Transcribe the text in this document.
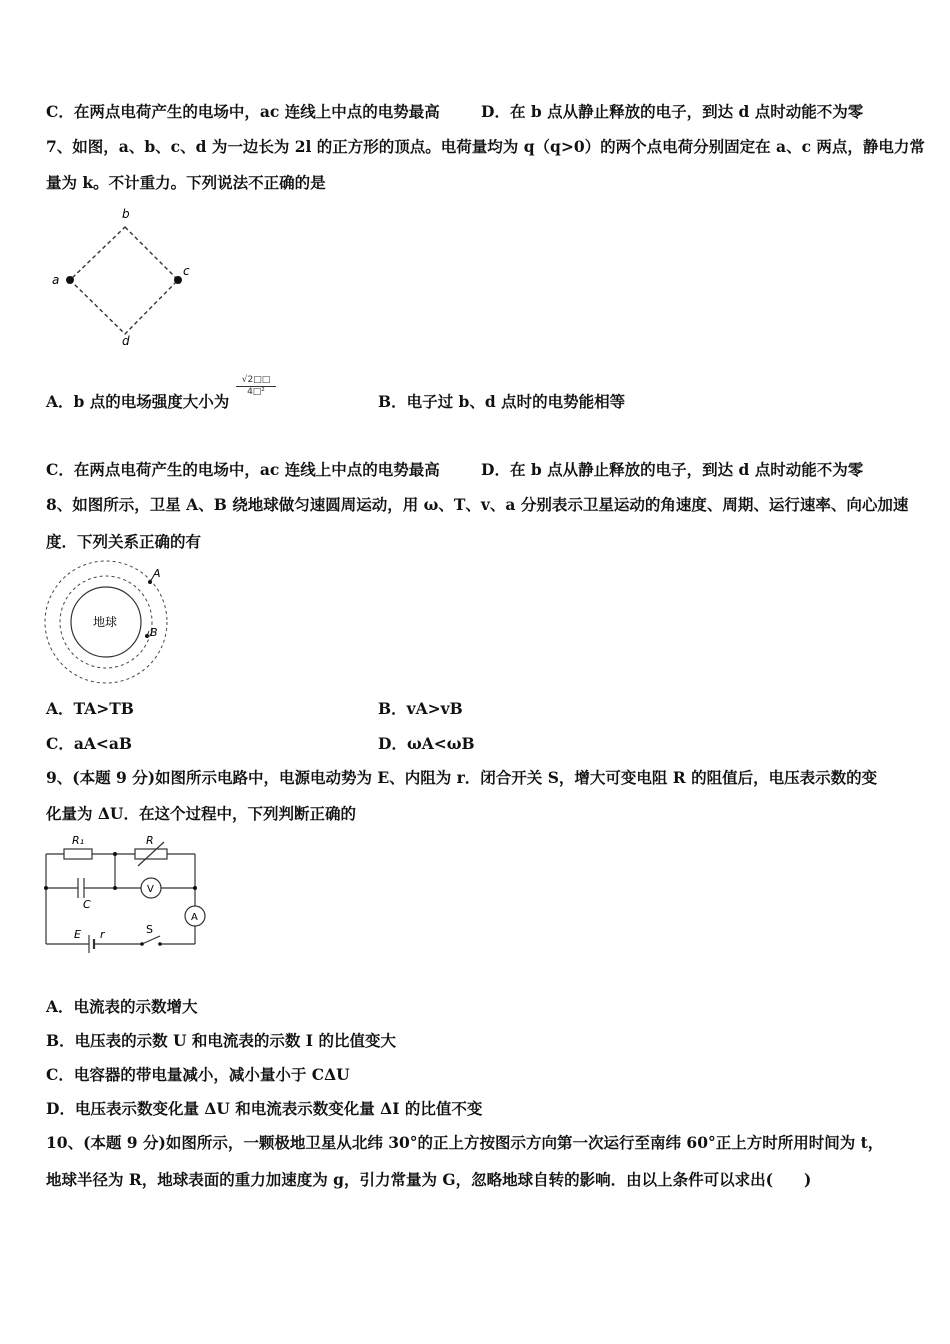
C．在两点电荷产生的电场中，ac 连线上中点的电势最高	D．在 b 点从静止释放的电子，到达 d 点时动能不为零
7、如图，a、b、c、d 为一边长为 2l 的正方形的顶点。电荷量均为 q（q>0）的两个点电荷分别固定在 a、c 两点，静电力常
量为 k。不计重力。下列说法不正确的是
b
a
c
d
A．b 点的电场强度大小为
$\frac{√2□□}{\text{4□²}}$
B．电子过 b、d 点时的电势能相等
C．在两点电荷产生的电场中，ac 连线上中点的电势最高	D．在 b 点从静止释放的电子，到达 d 点时动能不为零
8、如图所示，卫星 A、B 绕地球做匀速圆周运动，用 ω、T、v、a 分别表示卫星运动的角速度、周期、运行速率、向心加速
度．下列关系正确的有
地球
A
B
A．TA>TB	B．vA>vB
C．aA<aB	D．ωA<ωB
9、(本题 9 分)如图所示电路中，电源电动势为 E、内阻为 r．闭合开关 S，增大可变电阻 R 的阻值后，电压表示数的变
化量为 ΔU．在这个过程中，下列判断正确的
R₁	R
C
V
A
E r	S
A．电流表的示数增大
B．电压表的示数 U 和电流表的示数 I 的比值变大
C．电容器的带电量减小，减小量小于 CΔU
D．电压表示数变化量 ΔU 和电流表示数变化量 ΔI 的比值不变
10、(本题 9 分)如图所示，一颗极地卫星从北纬 30°的正上方按图示方向第一次运行至南纬 60°正上方时所用时间为 t，
地球半径为 R，地球表面的重力加速度为 g，引力常量为 G，忽略地球自转的影响．由以上条件可以求出(　　)
